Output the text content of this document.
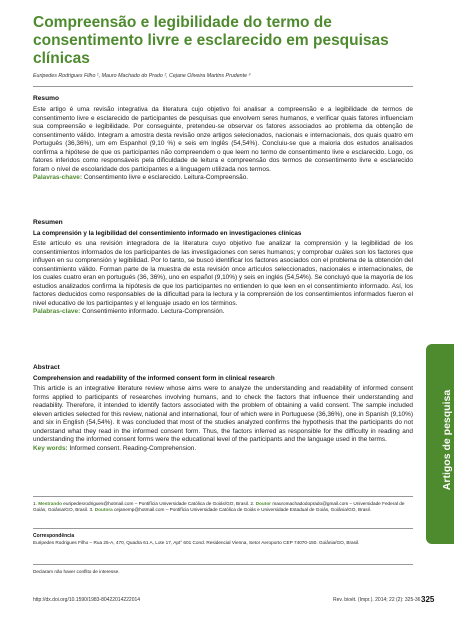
Compreensão e legibilidade do termo de consentimento livre e esclarecido em pesquisas clínicas
Euripedes Rodrigues Filho ¹, Mauro Machado do Prado ², Cejane Oliveira Martins Prudente ³
Resumo

Este artigo é uma revisão integrativa da literatura cujo objetivo foi analisar a compreensão e a legibilidade de termos de consentimento livre e esclarecido de participantes de pesquisas que envolvem seres humanos, e verificar quais fatores influenciam sua compreensão e legibilidade. Por conseguinte, pretendeu-se observar os fatores associados ao problema da obtenção de consentimento válido. Integram a amostra desta revisão onze artigos selecionados, nacionais e internacionais, dos quais quatro em Português (36,36%), um em Espanhol (9,10 %) e seis em Inglês (54,54%). Concluiu-se que a maioria dos estudos analisados confirma a hipótese de que os participantes não compreendem o que leem no termo de consentimento livre e esclarecido. Logo, os fatores inferidos como responsáveis pela dificuldade de leitura e compreensão dos termos de consentimento livre e esclarecido foram o nível de escolaridade dos participantes e a linguagem utilizada nos termos.

Palavras-chave: Consentimento livre e esclarecido. Leitura-Compreensão.

Resumen
La comprensión y la legibilidad del consentimiento informado en investigaciones clínicas

Este artículo es una revisión integradora de la literatura cuyo objetivo fue analizar la comprensión y la legibilidad de los consentimientos informados de los participantes de las investigaciones con seres humanos; y comprobar cuáles son los factores que influyen en su comprensión y legibilidad. Por lo tanto, se buscó identificar los factores asociados con el problema de la obtención del consentimiento válido. Forman parte de la muestra de esta revisión once artículos seleccionados, nacionales e internacionales, de los cuales cuatro eran en portugués (36, 36%), uno en español (9,10%) y seis en inglés (54,54%). Se concluyó que la mayoría de los estudios analizados confirma la hipótesis de que los participantes no entienden lo que leen en el consentimiento informado. Así, los factores deducidos como responsables de la dificultad para la lectura y la comprensión de los consentimientos informados fueron el nivel educativo de los participantes y el lenguaje usado en los términos.

Palabras-clave: Consentimiento informado. Lectura-Comprensión.

Abstract
Comprehension and readability of the informed consent form in clinical research

This article is an integrative literature review whose aims were to analyze the understanding and readability of informed consent forms applied to participants of researches involving humans, and to check the factors that influence their understanding and readability. Therefore, it intended to identify factors associated with the problem of obtaining a valid consent. The sample included eleven articles selected for this review, national and international, four of which were in Portuguese (36,36%), one in Spanish (9,10%) and six in English (54,54%). It was concluded that most of the studies analyzed confirms the hypothesis that the participants do not understand what they read in the informed consent form. Thus, the factors inferred as responsible for the difficulty in reading and understanding the informed consent forms were the educational level of the participants and the language used in the terms.

Key words: Informed consent. Reading-Comprehension.

1. Mestrando euripedesrodrigues@hotmail.com – Pontifícia Universidade Católica de Goiás/GO, Brasil. 2. Doutor mauromachadodoprado@gmail.com – Universidade Federal de Goiás, Goiânia/GO, Brasil. 3. Doutora cejanemp@hotmail.com – Pontifícia Universidade Católica de Goiás e Universidade Estadual de Goiás, Goiânia/GO, Brasil.

Correspondência

Euripedes Rodrigues Filho – Rua 25-A, 470, Quadra 61 A, Lote 17, Apt° 601 Cond. Residencial Vienna, Setor Aeroporto CEP 74070-150. Goiânia/GO, Brasil.

Declaram não haver conflito de interesse.

http://dx.doi.org/10.1590/1983-80422014222014	Rev. bioét. (Impr.). 2014; 22 (2): 325-36 325
Artigos de pesquisa
